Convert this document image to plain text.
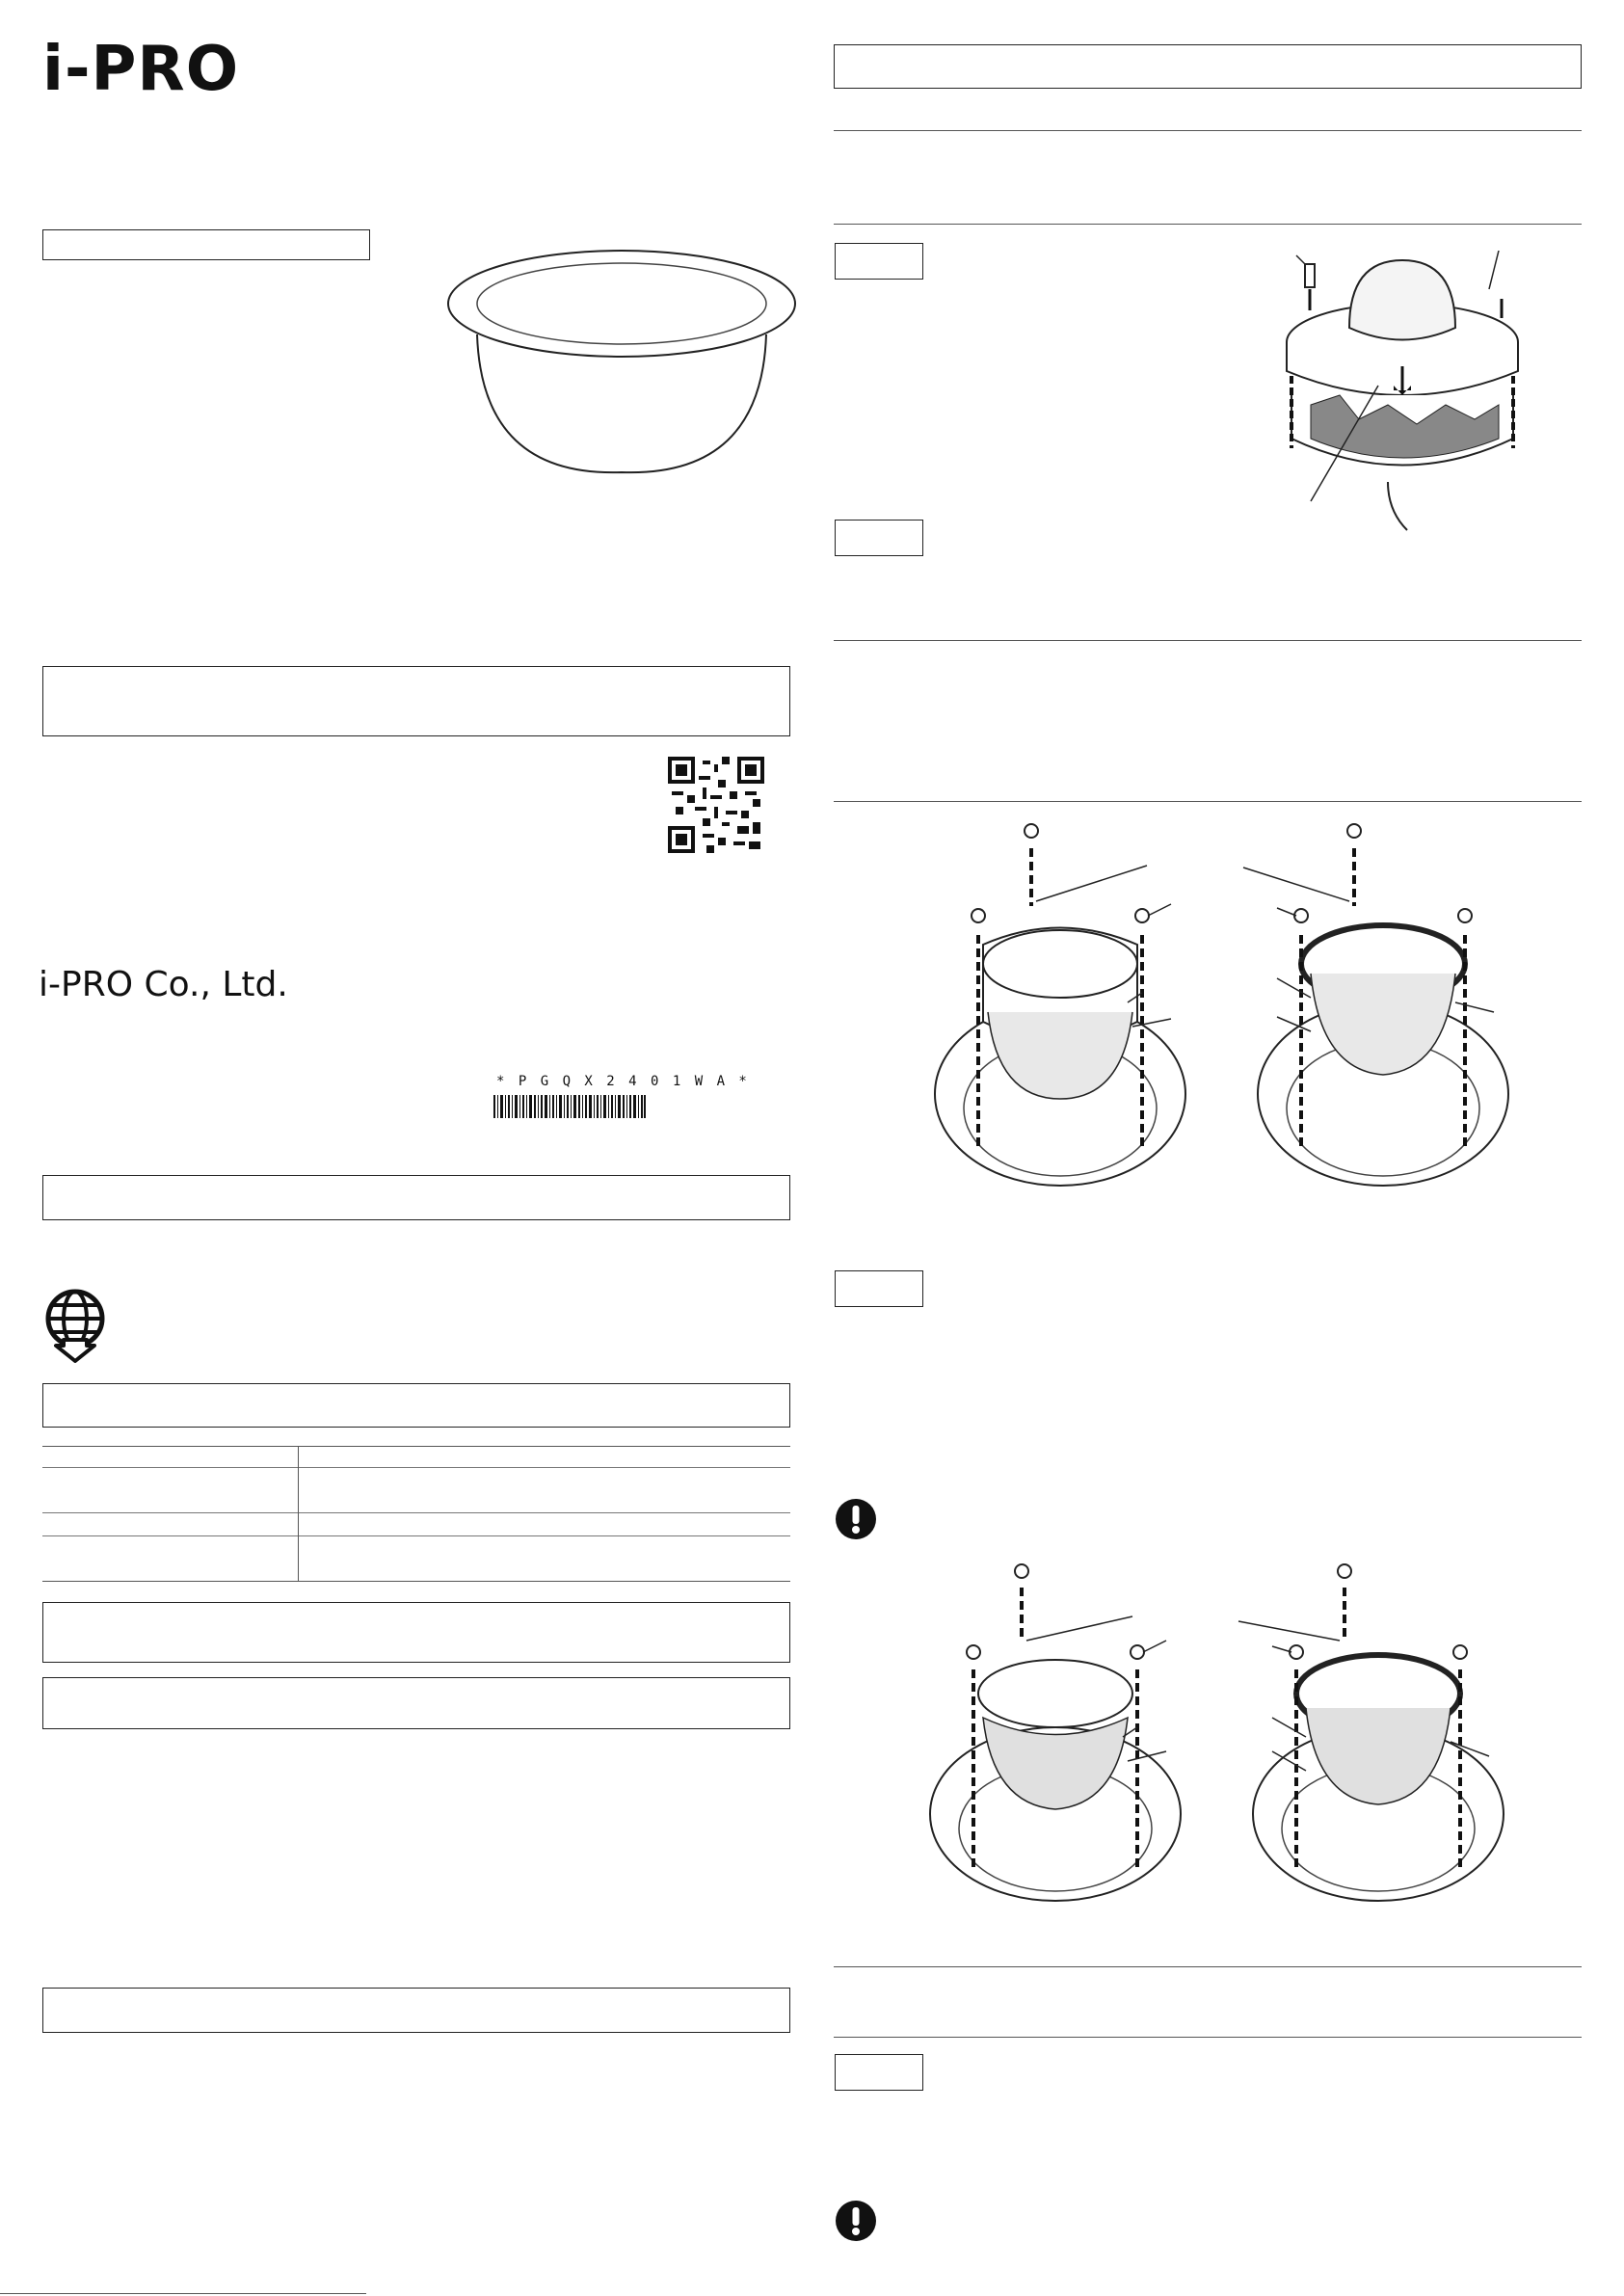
i-PRO
i-PRO Co., Ltd.
* P G Q X 2 4 0 1 W A *
